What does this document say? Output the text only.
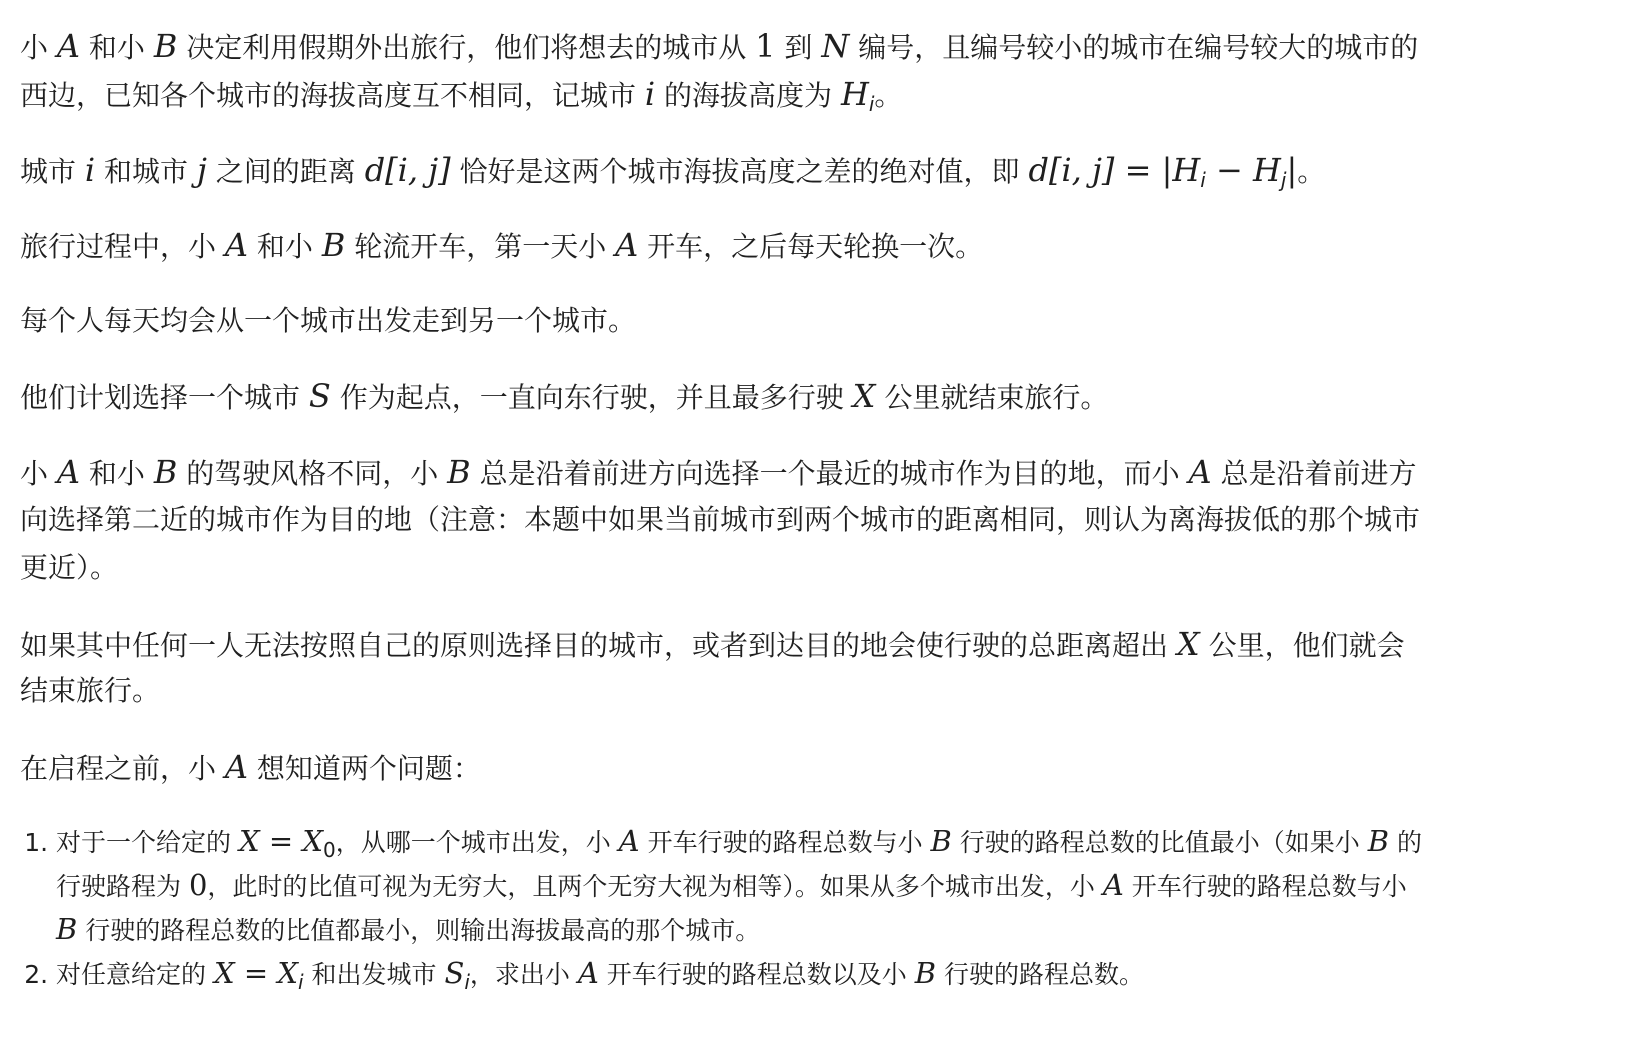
小 A 和小 B 决定利用假期外出旅行，他们将想去的城市从 1 到 N 编号，且编号较小的城市在编号较大的城市的

西边，已知各个城市的海拔高度互不相同，记城市 i 的海拔高度为 $H_i$。

城市 i 和城市 j 之间的距离 d[i, j] 恰好是这两个城市海拔高度之差的绝对值，即 d[i, $j] = |H_i - H_j|$。

旅行过程中，小 A 和小 B 轮流开车，第一天小 A 开车，之后每天轮换一次。

每个人每天均会从一个城市出发走到另一个城市。

他们计划选择一个城市 S 作为起点，一直向东行驶，并且最多行驶 X 公里就结束旅行。

小 A 和小 B 的驾驶风格不同，小 B 总是沿着前进方向选择一个最近的城市作为目的地，而小 A 总是沿着前进方

向选择第二近的城市作为目的地（注意：本题中如果当前城市到两个城市的距离相同，则认为离海拔低的那个城市

更近）。

如果其中任何一人无法按照自己的原则选择目的城市，或者到达目的地会使行驶的总距离超出 X 公里，他们就会

结束旅行。

在启程之前，小 A 想知道两个问题：

1. 对于一个给定的 $X = X_0$，从哪一个城市出发，小 A 开车行驶的路程总数与小 B 行驶的路程总数的比值最小（如果小 B 的
行驶路程为 0，此时的比值可视为无穷大，且两个无穷大视为相等）。如果从多个城市出发，小 A 开车行驶的路程总数与小
B 行驶的路程总数的比值都最小，则输出海拔最高的那个城市。
2. 对任意给定的 $X = X_i$ 和出发城市 $S_i$，求出小 A 开车行驶的路程总数以及小 B 行驶的路程总数。
